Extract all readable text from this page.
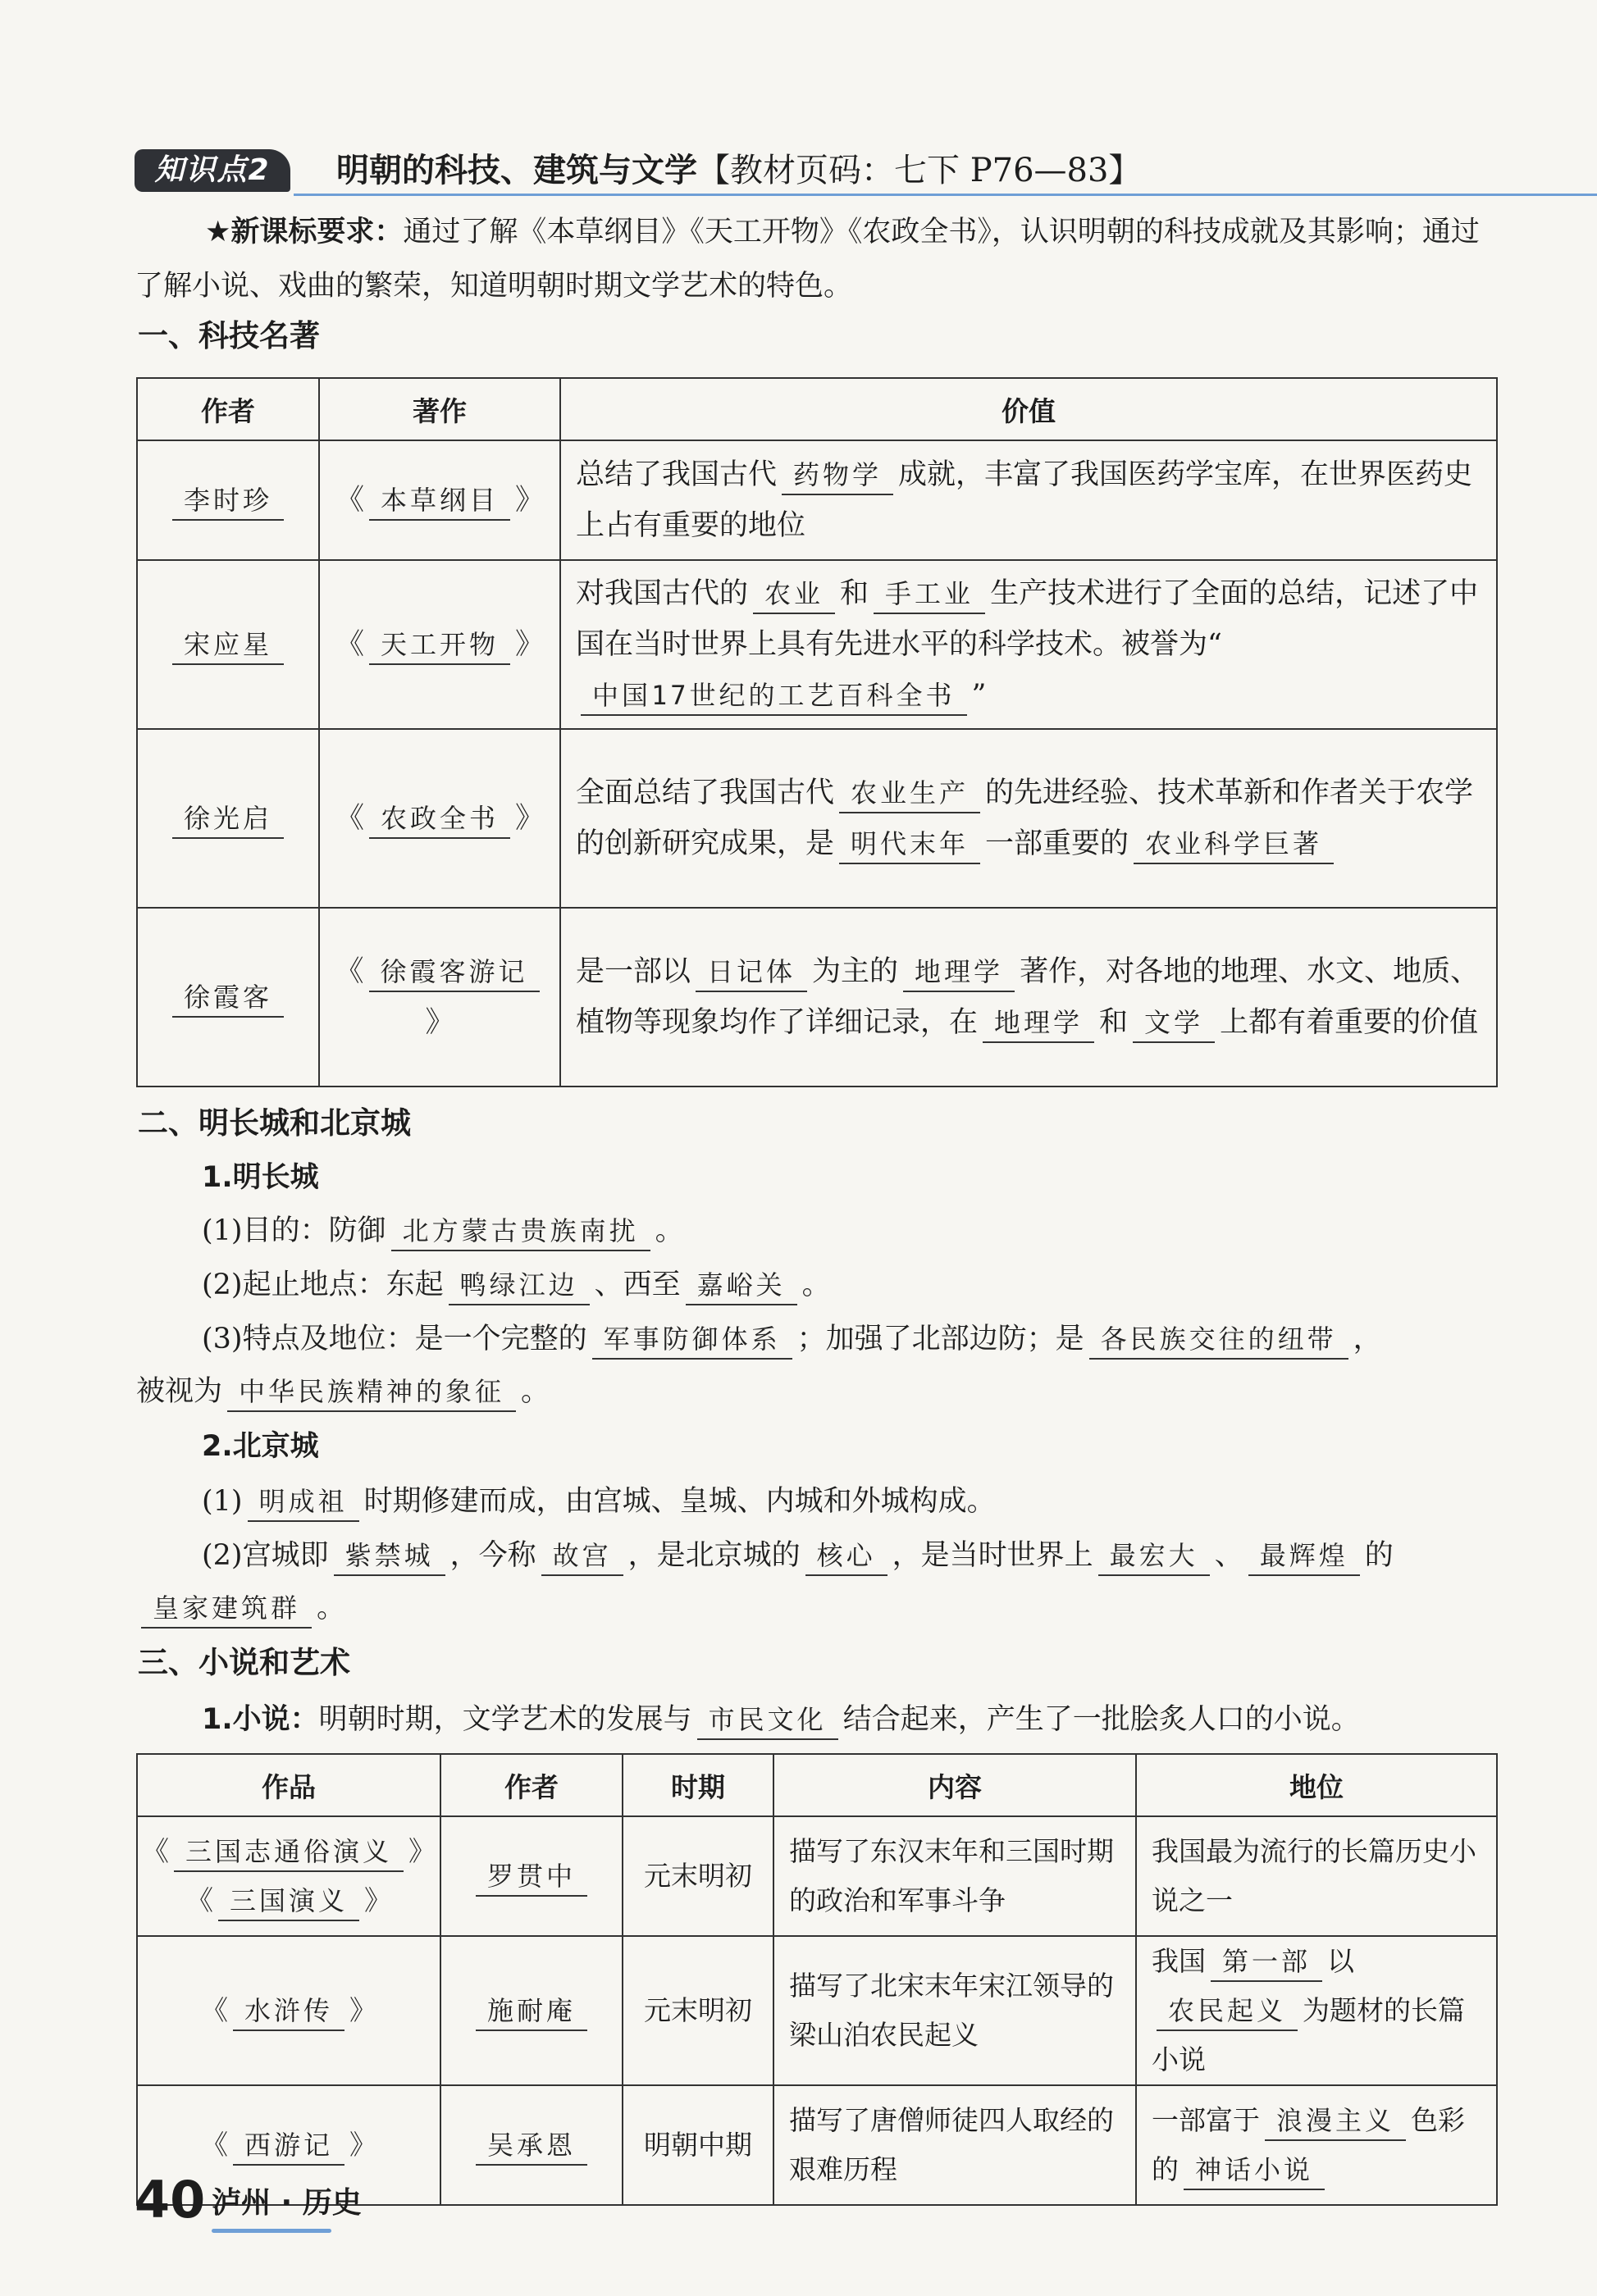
知识点2	明朝的科技、建筑与文学【教材页码：七下 P76—83】
★新课标要求：通过了解《本草纲目》《天工开物》《农政全书》，认识明朝的科技成就及其影响；通过了解小说、戏曲的繁荣，知道明朝时期文学艺术的特色。
一、科技名著
作者	著作	价值
李时珍	《 本草纲目 》	总结了我国古代 药物学 成就，丰富了我国医药学宝库，在世界医药史上占有重要的地位
宋应星	《 天工开物 》	对我国古代的 农业 和 手工业 生产技术进行了全面的总结，记述了中国在当时世界上具有先进水平的科学技术。被誉为“中国17世纪的工艺百科全书 ”
徐光启	《 农政全书 》	全面总结了我国古代 农业生产 的先进经验、技术革新和作者关于农学的创新研究成果，是 明代末年 一部重要的 农业科学巨著
徐霞客	《 徐霞客游记》	是一部以 日记体 为主的 地理学 著作，对各地的地理、水文、地质、植物等现象均作了详细记录，在 地理学 和 文学 上都有着重要的价值
二、明长城和北京城
1.明长城
(1)目的：防御 北方蒙古贵族南扰 。
(2)起止地点：东起 鸭绿江边 、西至 嘉峪关 。
(3)特点及地位：是一个完整的 军事防御体系 ；加强了北部边防；是 各民族交往的纽带 ，
被视为 中华民族精神的象征 。
2.北京城
(1) 明成祖 时期修建而成，由宫城、皇城、内城和外城构成。
(2)宫城即 紫禁城 ，今称 故宫 ，是北京城的 核心 ，是当时世界上 最宏大 、 最辉煌 的
皇家建筑群 。
三、小说和艺术
1.小说：明朝时期，文学艺术的发展与 市民文化 结合起来，产生了一批脍炙人口的小说。
作品	作者	时期	内容	地位
《 三国志通俗演义 》《 三国演义 》	罗贯中	元末明初	描写了东汉末年和三国时期的政治和军事斗争	我国最为流行的长篇历史小说之一
《 水浒传 》	施耐庵	元末明初	描写了北宋末年宋江领导的梁山泊农民起义	我国 第一部 以农民起义 为题材的长篇小说
《 西游记 》	吴承恩	明朝中期	描写了唐僧师徒四人取经的艰难历程	一部富于 浪漫主义 色彩的 神话小说
40 泸州 · 历史
